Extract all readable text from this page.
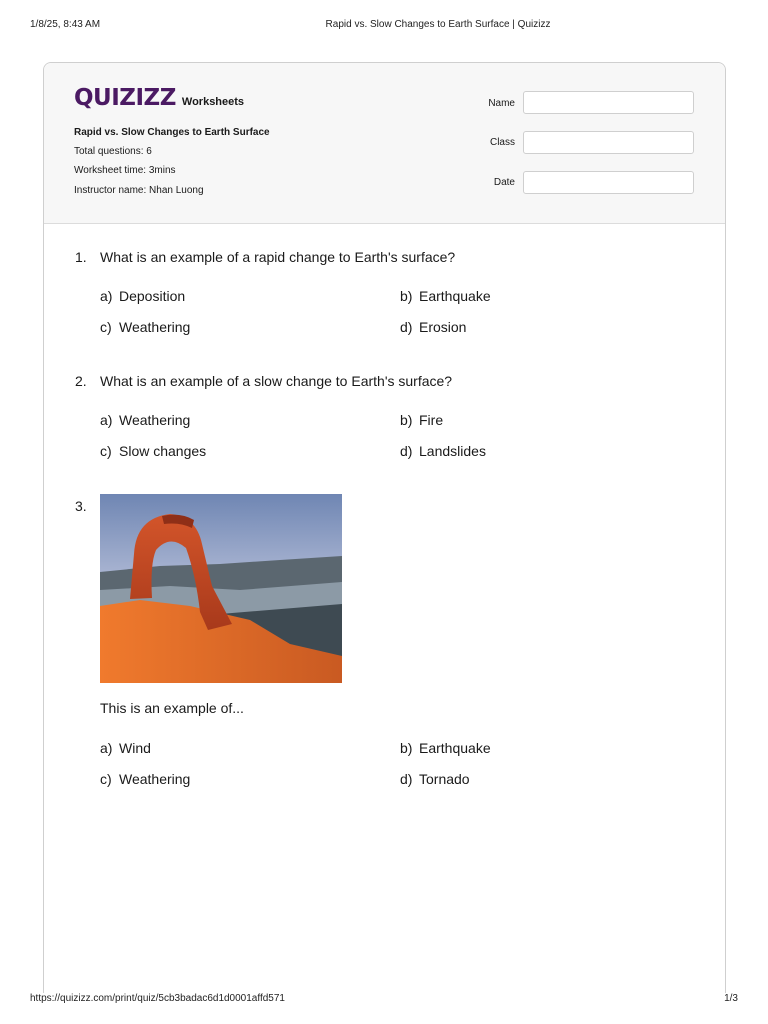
1/8/25, 8:43 AM	Rapid vs. Slow Changes to Earth Surface | Quizizz
QUIZIZZ Worksheets
Rapid vs. Slow Changes to Earth Surface
Total questions: 6
Worksheet time: 3mins
Instructor name: Nhan Luong
Name
Class
Date
1. What is an example of a rapid change to Earth's surface?
a) Deposition	b) Earthquake
c) Weathering	d) Erosion
2. What is an example of a slow change to Earth's surface?
a) Weathering	b) Fire
c) Slow changes	d) Landslides
3.
This is an example of...
a) Wind	b) Earthquake
c) Weathering	d) Tornado
https://quizizz.com/print/quiz/5cb3badac6d1d0001affd571	1/3
